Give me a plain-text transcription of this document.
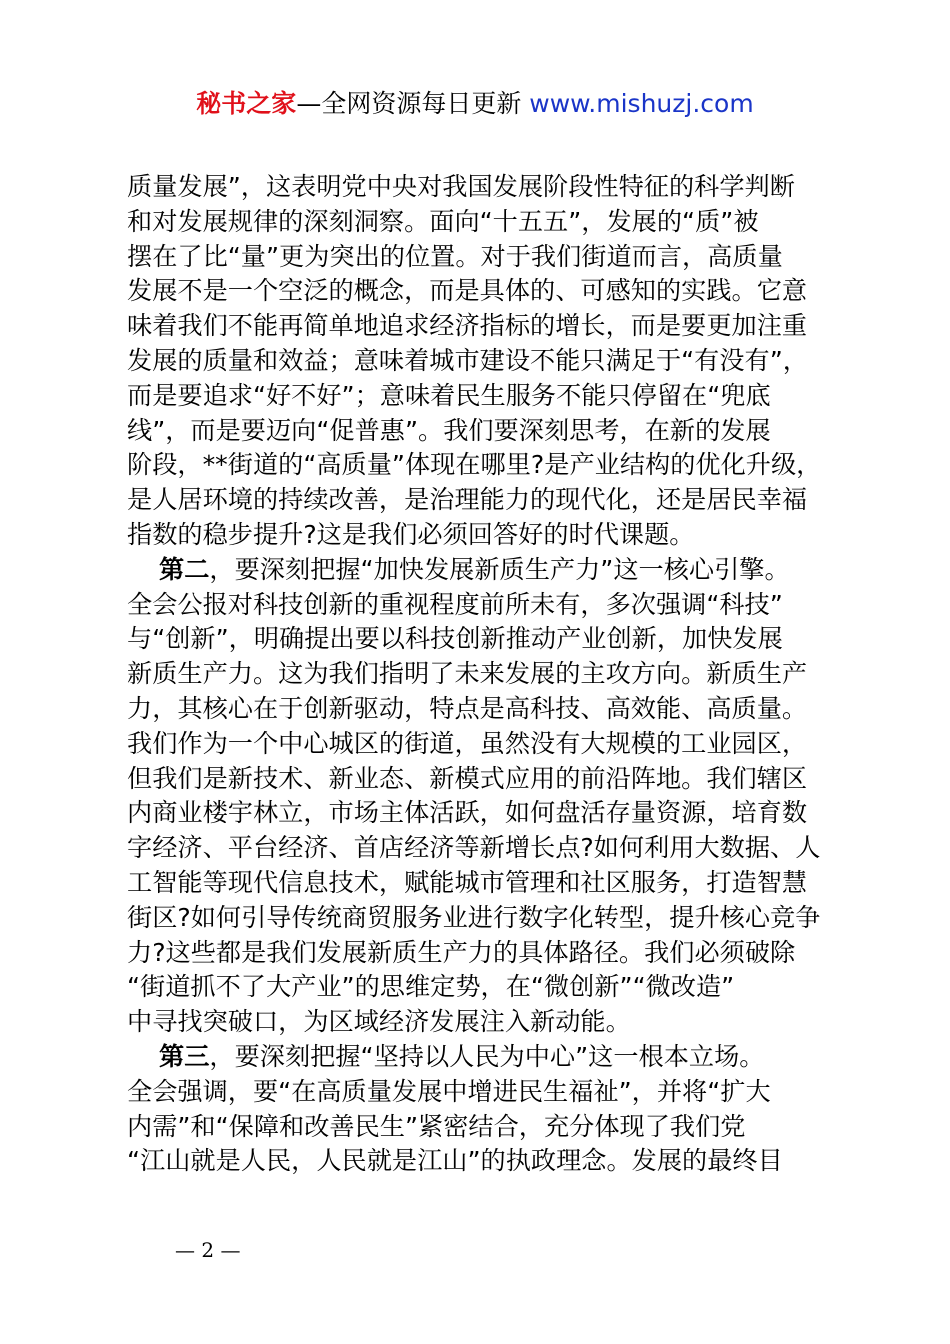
秘书之家—全网资源每日更新 www.mishuzj.com
质量发展”，这表明党中央对我国发展阶段性特征的科学判断
和对发展规律的深刻洞察。面向“十五五”，发展的“质”被
摆在了比“量”更为突出的位置。对于我们街道而言，高质量
发展不是一个空泛的概念，而是具体的、可感知的实践。它意
味着我们不能再简单地追求经济指标的增长，而是要更加注重
发展的质量和效益；意味着城市建设不能只满足于“有没有”，
而是要追求“好不好”；意味着民生服务不能只停留在“兜底
线”，而是要迈向“促普惠”。我们要深刻思考，在新的发展
阶段，**街道的“高质量”体现在哪里?是产业结构的优化升级，
是人居环境的持续改善，是治理能力的现代化，还是居民幸福
指数的稳步提升?这是我们必须回答好的时代课题。
第二，要深刻把握“加快发展新质生产力”这一核心引擎。
全会公报对科技创新的重视程度前所未有，多次强调“科技”
与“创新”，明确提出要以科技创新推动产业创新，加快发展
新质生产力。这为我们指明了未来发展的主攻方向。新质生产
力，其核心在于创新驱动，特点是高科技、高效能、高质量。
我们作为一个中心城区的街道，虽然没有大规模的工业园区，
但我们是新技术、新业态、新模式应用的前沿阵地。我们辖区
内商业楼宇林立，市场主体活跃，如何盘活存量资源，培育数
字经济、平台经济、首店经济等新增长点?如何利用大数据、人
工智能等现代信息技术，赋能城市管理和社区服务，打造智慧
街区?如何引导传统商贸服务业进行数字化转型，提升核心竞争
力?这些都是我们发展新质生产力的具体路径。我们必须破除
“街道抓不了大产业”的思维定势，在“微创新”“微改造”
中寻找突破口，为区域经济发展注入新动能。
第三，要深刻把握“坚持以人民为中心”这一根本立场。
全会强调，要“在高质量发展中增进民生福祉”，并将“扩大
内需”和“保障和改善民生”紧密结合，充分体现了我们党
“江山就是人民，人民就是江山”的执政理念。发展的最终目
— 2 —
